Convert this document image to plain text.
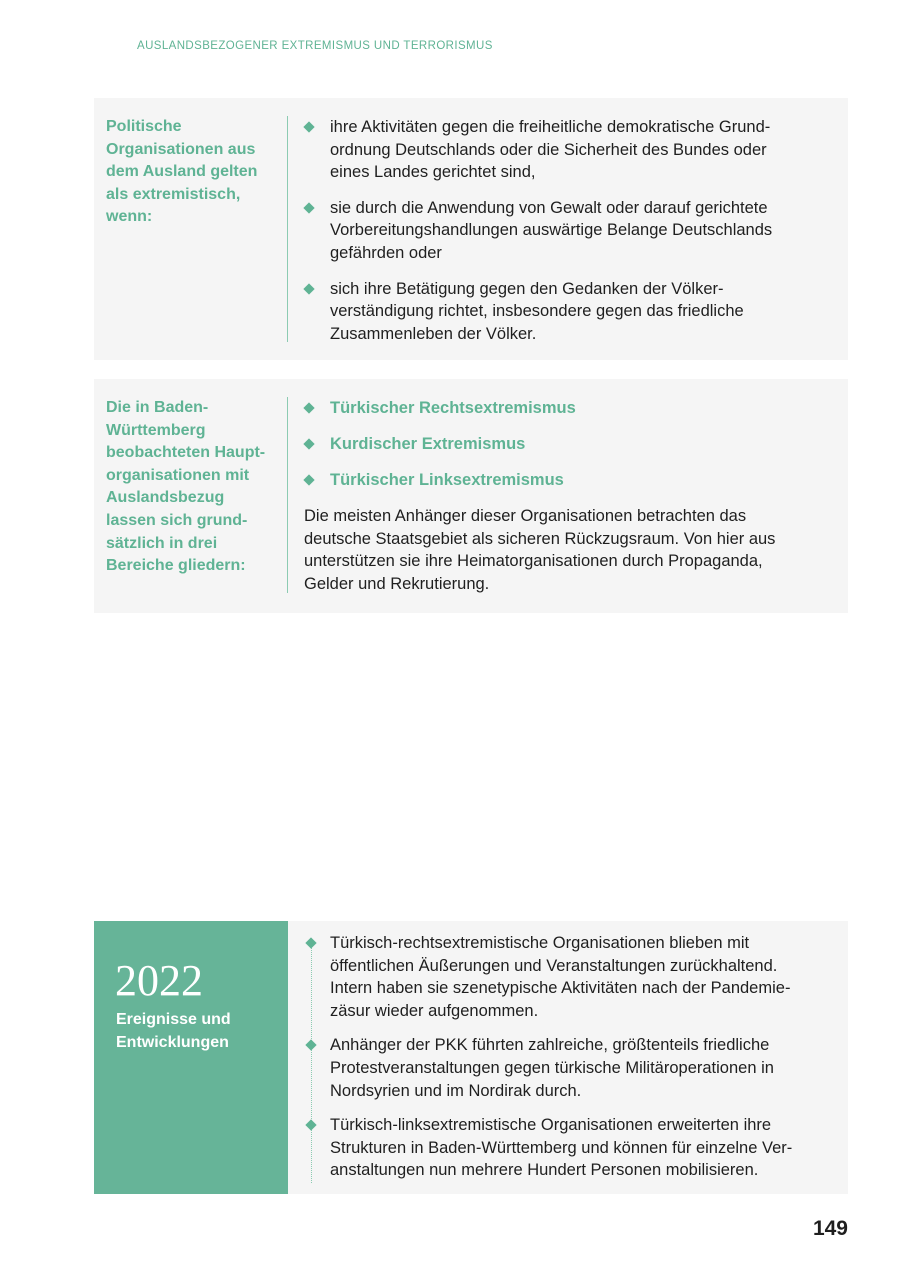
AUSLANDSBEZOGENER EXTREMISMUS UND TERRORISMUS
Politische
Organisationen aus
dem Ausland gelten
als extremistisch,
wenn:
ihre Aktivitäten gegen die freiheitliche demokratische Grund-
ordnung Deutschlands oder die Sicherheit des Bundes oder
eines Landes gerichtet sind,
sie durch die Anwendung von Gewalt oder darauf gerichtete
Vorbereitungshandlungen auswärtige Belange Deutschlands
gefährden oder
sich ihre Betätigung gegen den Gedanken der Völker-
verständigung richtet, insbesondere gegen das friedliche
Zusammenleben der Völker.
Die in Baden-
Württemberg
beobachteten Haupt-
organisationen mit
Auslandsbezug
lassen sich grund-
sätzlich in drei
Bereiche gliedern:
Türkischer Rechtsextremismus
Kurdischer Extremismus
Türkischer Linksextremismus
Die meisten Anhänger dieser Organisationen betrachten das
deutsche Staatsgebiet als sicheren Rückzugsraum. Von hier aus
unterstützen sie ihre Heimatorganisationen durch Propaganda,
Gelder und Rekrutierung.
2022
Ereignisse und
Entwicklungen
Türkisch-rechtsextremistische Organisationen blieben mit
öffentlichen Äußerungen und Veranstaltungen zurückhaltend.
Intern haben sie szenetypische Aktivitäten nach der Pandemie-
zäsur wieder aufgenommen.
Anhänger der PKK führten zahlreiche, größtenteils friedliche
Protestveranstaltungen gegen türkische Militäroperationen in
Nordsyrien und im Nordirak durch.
Türkisch-linksextremistische Organisationen erweiterten ihre
Strukturen in Baden-Württemberg und können für einzelne Ver-
anstaltungen nun mehrere Hundert Personen mobilisieren.
149
